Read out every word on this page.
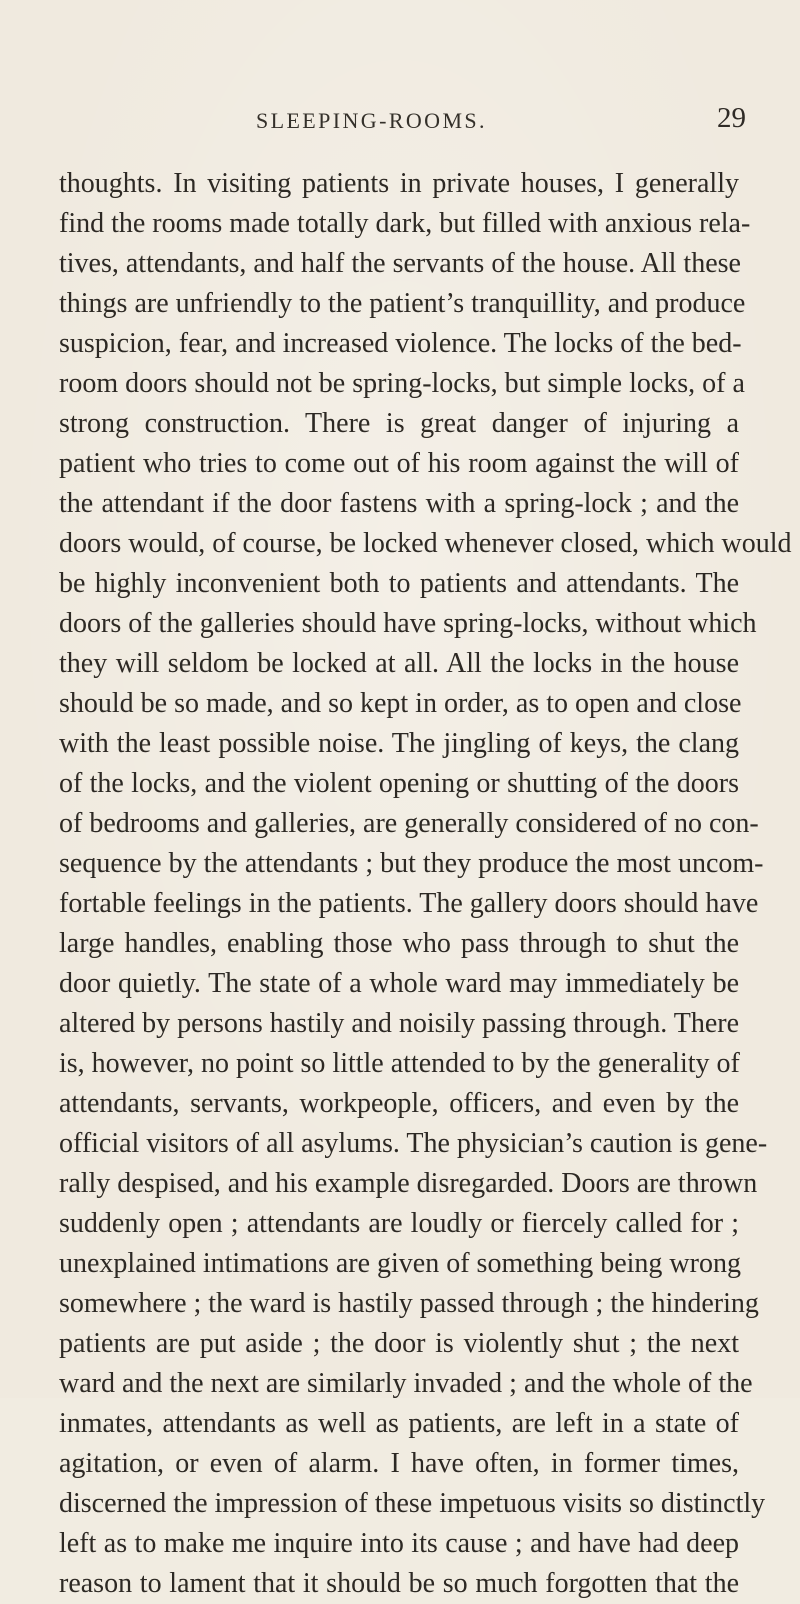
SLEEPING-ROOMS.	29
thoughts. In visiting patients in private houses, I generally
find the rooms made totally dark, but filled with anxious rela-
tives, attendants, and half the servants of the house. All these
things are unfriendly to the patient’s tranquillity, and produce
suspicion, fear, and increased violence. The locks of the bed-
room doors should not be spring-locks, but simple locks, of a
strong construction. There is great danger of injuring a
patient who tries to come out of his room against the will of
the attendant if the door fastens with a spring-lock ; and the
doors would, of course, be locked whenever closed, which would
be highly inconvenient both to patients and attendants. The
doors of the galleries should have spring-locks, without which
they will seldom be locked at all. All the locks in the house
should be so made, and so kept in order, as to open and close
with the least possible noise. The jingling of keys, the clang
of the locks, and the violent opening or shutting of the doors
of bedrooms and galleries, are generally considered of no con-
sequence by the attendants ; but they produce the most uncom-
fortable feelings in the patients. The gallery doors should have
large handles, enabling those who pass through to shut the
door quietly. The state of a whole ward may immediately be
altered by persons hastily and noisily passing through. There
is, however, no point so little attended to by the generality of
attendants, servants, workpeople, officers, and even by the
official visitors of all asylums. The physician’s caution is gene-
rally despised, and his example disregarded. Doors are thrown
suddenly open ; attendants are loudly or fiercely called for ;
unexplained intimations are given of something being wrong
somewhere ; the ward is hastily passed through ; the hindering
patients are put aside ; the door is violently shut ; the next
ward and the next are similarly invaded ; and the whole of the
inmates, attendants as well as patients, are left in a state of
agitation, or even of alarm. I have often, in former times,
discerned the impression of these impetuous visits so distinctly
left as to make me inquire into its cause ; and have had deep
reason to lament that it should be so much forgotten that the
